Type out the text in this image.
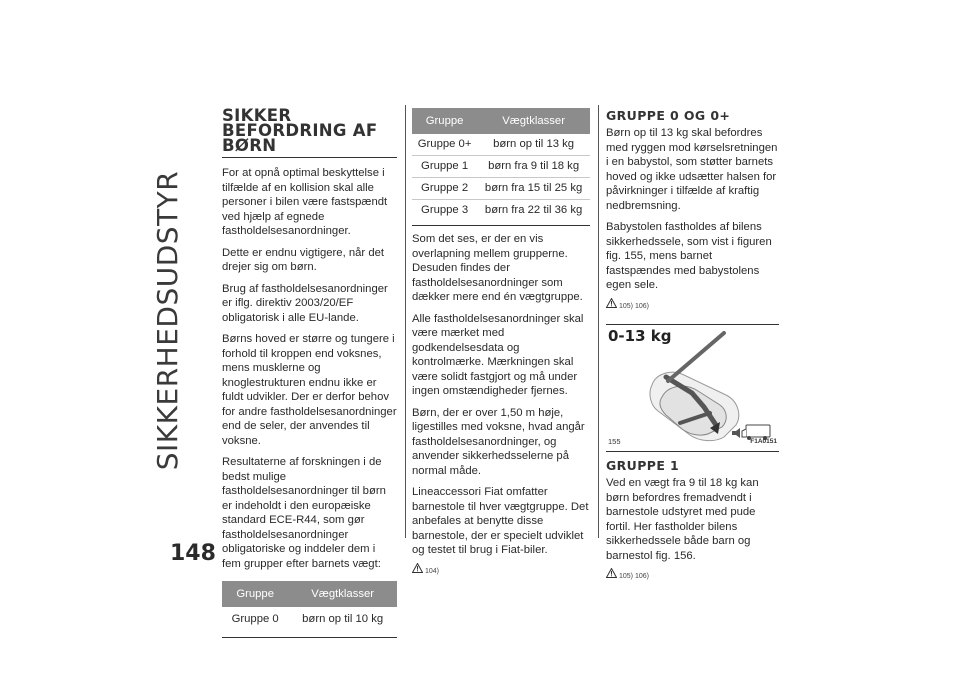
SIKKERHEDSUDSTYR
SIKKER BEFORDRING AF BØRN

For at opnå optimal beskyttelse i tilfælde af en kollision skal alle personer i bilen være fastspændt ved hjælp af egnede fastholdelsesanordninger.

Dette er endnu vigtigere, når det drejer sig om børn.

Brug af fastholdelsesanordninger er iflg. direktiv 2003/20/EF obligatorisk i alle EU-lande.

Børns hoved er større og tungere i forhold til kroppen end voksnes, mens musklerne og knoglestrukturen endnu ikke er fuldt udvikler. Der er derfor behov for andre fastholdelsesanordninger end de seler, der anvendes til voksne.

Resultaterne af forskningen i de bedst mulige fastholdelsesanordninger til børn er indeholdt i den europæiske standard ECE-R44, som gør fastholdelsesanordninger obligatoriske og inddeler dem i fem grupper efter barnets vægt:

Gruppe	Vægtklasser
Gruppe 0	børn op til 10 kg
Gruppe	Vægtklasser
Gruppe 0+	børn op til 13 kg
Gruppe 1	børn fra 9 til 18 kg
Gruppe 2	børn fra 15 til 25 kg
Gruppe 3	børn fra 22 til 36 kg

Som det ses, er der en vis overlapning mellem grupperne. Desuden findes der fastholdelsesanordninger som dækker mere end én vægtgruppe.

Alle fastholdelsesanordninger skal være mærket med godkendelsesdata og kontrolmærke. Mærkningen skal være solidt fastgjort og må under ingen omstændigheder fjernes.

Børn, der er over 1,50 m høje, ligestilles med voksne, hvad angår fastholdelsesanordninger, og anvender sikkerhedsselerne på normal måde.

Lineaccessori Fiat omfatter barnestole til hver vægtgruppe. Det anbefales at benytte disse barnestole, der er specielt udviklet og testet til brug i Fiat-biler.

104)
GRUPPE 0 OG 0+

Børn op til 13 kg skal befordres med ryggen mod kørselsretningen i en babystol, som støtter barnets hoved og ikke udsætter halsen for påvirkninger i tilfælde af kraftig nedbremsning.

Babystolen fastholdes af bilens sikkerhedssele, som vist i figuren fig. 155, mens barnet fastspændes med babystolens egen sele.

105) 106)
0-13 kg
155	F1A0151
GRUPPE 1

Ved en vægt fra 9 til 18 kg kan børn befordres fremadvendt i barnestole udstyret med pude fortil. Her fastholder bilens sikkerhedssele både barn og barnestol fig. 156.

105) 106)
148
